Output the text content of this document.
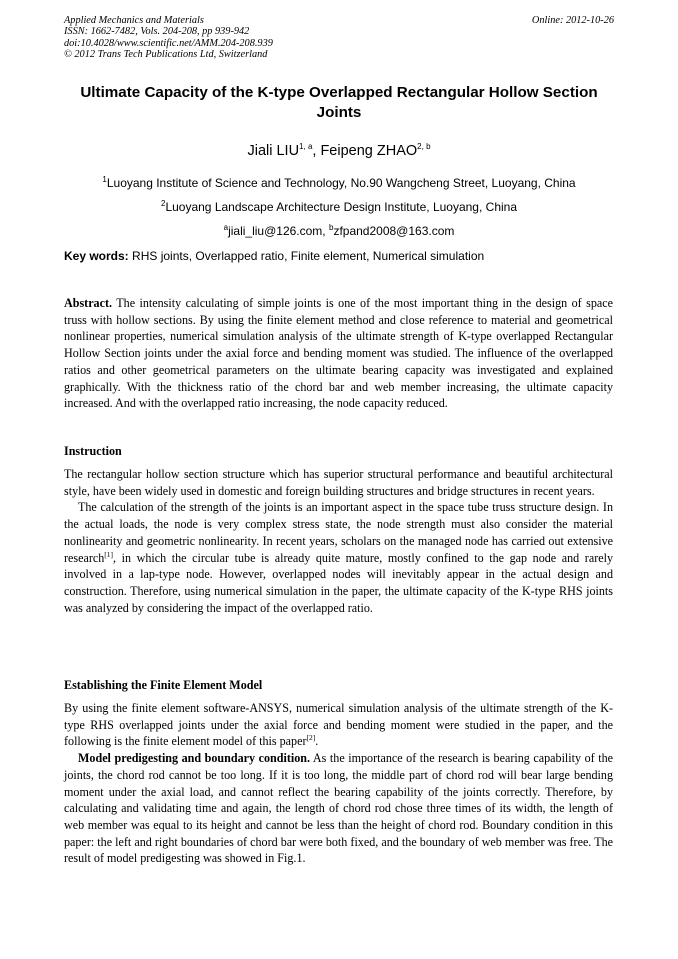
Applied Mechanics and Materials
ISSN: 1662-7482, Vols. 204-208, pp 939-942
doi:10.4028/www.scientific.net/AMM.204-208.939
© 2012 Trans Tech Publications Ltd, Switzerland
Online: 2012-10-26
Ultimate Capacity of the K-type Overlapped Rectangular Hollow Section Joints
Jiali LIU$^{1, a}$, Feipeng ZHAO$^{2, b}$
$^1$Luoyang Institute of Science and Technology, No.90 Wangcheng Street, Luoyang, China
$^2$Luoyang Landscape Architecture Design Institute, Luoyang, China
$^a$jiali_liu@126.com, $^b$zfpand2008@163.com
Key words: RHS joints, Overlapped ratio, Finite element, Numerical simulation

Abstract. The intensity calculating of simple joints is one of the most important thing in the design of space truss with hollow sections. By using the finite element method and close reference to material and geometrical nonlinear properties, numerical simulation analysis of the ultimate strength of K-type overlapped Rectangular Hollow Section joints under the axial force and bending moment was studied. The influence of the overlapped ratios and other geometrical parameters on the ultimate bearing capacity was investigated and explained graphically. With the thickness ratio of the chord bar and web member increasing, the ultimate capacity increased. And with the overlapped ratio increasing, the node capacity reduced.

Instruction

The rectangular hollow section structure which has superior structural performance and beautiful architectural style, have been widely used in domestic and foreign building structures and bridge structures in recent years.

The calculation of the strength of the joints is an important aspect in the space tube truss structure design. In the actual loads, the node is very complex stress state, the node strength must also consider the material nonlinearity and geometric nonlinearity. In recent years, scholars on the managed node has carried out extensive research[1], in which the circular tube is already quite mature, mostly confined to the gap node and rarely involved in a lap-type node. However, overlapped nodes will inevitably appear in the actual design and construction. Therefore, using numerical simulation in the paper, the ultimate capacity of the K-type RHS joints was analyzed by considering the impact of the overlapped ratio.

Establishing the Finite Element Model

By using the finite element software-ANSYS, numerical simulation analysis of the ultimate strength of the K-type RHS overlapped joints under the axial force and bending moment were studied in the paper, and the following is the finite element model of this paper[2].

Model predigesting and boundary condition. As the importance of the research is bearing capability of the joints, the chord rod cannot be too long. If it is too long, the middle part of chord rod will bear large bending moment under the axial load, and cannot reflect the bearing capability of the joints correctly. Therefore, by calculating and validating time and again, the length of chord rod chose three times of its width, the length of web member was equal to its height and cannot be less than the height of chord rod. Boundary condition in this paper: the left and right boundaries of chord bar were both fixed, and the boundary of web member was free. The result of model predigesting was showed in Fig.1.
